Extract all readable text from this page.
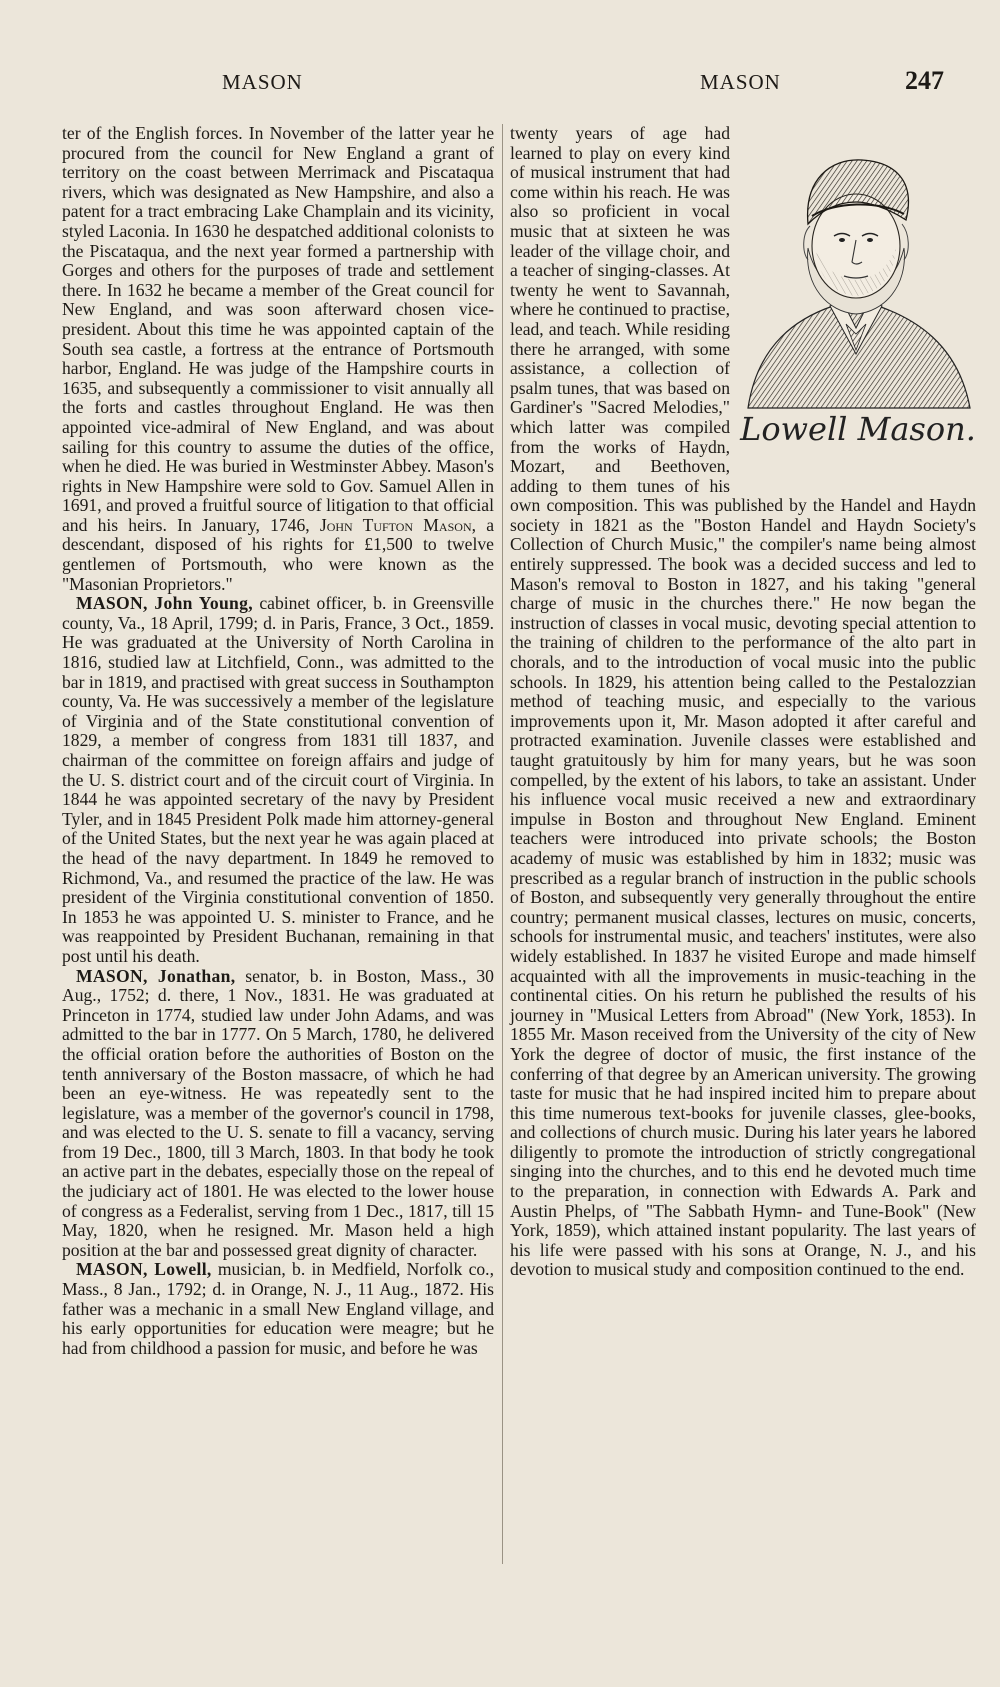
MASON	MASON	247

ter of the English forces. In November of the latter year he procured from the council for New England a grant of territory on the coast between Merrimack and Piscataqua rivers, which was designated as New Hampshire, and also a patent for a tract embracing Lake Champlain and its vicinity, styled Laconia. In 1630 he despatched additional colonists to the Piscataqua, and the next year formed a partnership with Gorges and others for the purposes of trade and settlement there. In 1632 he became a member of the Great council for New England, and was soon afterward chosen vice-president. About this time he was appointed captain of the South sea castle, a fortress at the entrance of Portsmouth harbor, England. He was judge of the Hampshire courts in 1635, and subsequently a commissioner to visit annually all the forts and castles throughout England. He was then appointed vice-admiral of New England, and was about sailing for this country to assume the duties of the office, when he died. He was buried in Westminster Abbey. Mason's rights in New Hampshire were sold to Gov. Samuel Allen in 1691, and proved a fruitful source of litigation to that official and his heirs. In January, 1746, John Tufton Mason, a descendant, disposed of his rights for £1,500 to twelve gentlemen of Portsmouth, who were known as the "Masonian Proprietors."

MASON, John Young, cabinet officer, b. in Greensville county, Va., 18 April, 1799; d. in Paris, France, 3 Oct., 1859. He was graduated at the University of North Carolina in 1816, studied law at Litchfield, Conn., was admitted to the bar in 1819, and practised with great success in Southampton county, Va. He was successively a member of the legislature of Virginia and of the State constitutional convention of 1829, a member of congress from 1831 till 1837, and chairman of the committee on foreign affairs and judge of the U. S. district court and of the circuit court of Virginia. In 1844 he was appointed secretary of the navy by President Tyler, and in 1845 President Polk made him attorney-general of the United States, but the next year he was again placed at the head of the navy department. In 1849 he removed to Richmond, Va., and resumed the practice of the law. He was president of the Virginia constitutional convention of 1850. In 1853 he was appointed U. S. minister to France, and he was reappointed by President Buchanan, remaining in that post until his death.

MASON, Jonathan, senator, b. in Boston, Mass., 30 Aug., 1752; d. there, 1 Nov., 1831. He was graduated at Princeton in 1774, studied law under John Adams, and was admitted to the bar in 1777. On 5 March, 1780, he delivered the official oration before the authorities of Boston on the tenth anniversary of the Boston massacre, of which he had been an eye-witness. He was repeatedly sent to the legislature, was a member of the governor's council in 1798, and was elected to the U. S. senate to fill a vacancy, serving from 19 Dec., 1800, till 3 March, 1803. In that body he took an active part in the debates, especially those on the repeal of the judiciary act of 1801. He was elected to the lower house of congress as a Federalist, serving from 1 Dec., 1817, till 15 May, 1820, when he resigned. Mr. Mason held a high position at the bar and possessed great dignity of character.

MASON, Lowell, musician, b. in Medfield, Norfolk co., Mass., 8 Jan., 1792; d. in Orange, N. J., 11 Aug., 1872. His father was a mechanic in a small New England village, and his early opportunities for education were meagre; but he had from childhood a passion for music, and before he was

Lowell Mason.

twenty years of age had learned to play on every kind of musical instrument that had come within his reach. He was also so proficient in vocal music that at sixteen he was leader of the village choir, and a teacher of singing-classes. At twenty he went to Savannah, where he continued to practise, lead, and teach. While residing there he arranged, with some assistance, a collection of psalm tunes, that was based on Gardiner's "Sacred Melodies," which latter was compiled from the works of Haydn, Mozart, and Beethoven, adding to them tunes of his own composition. This was published by the Handel and Haydn society in 1821 as the "Boston Handel and Haydn Society's Collection of Church Music," the compiler's name being almost entirely suppressed. The book was a decided success and led to Mason's removal to Boston in 1827, and his taking "general charge of music in the churches there." He now began the instruction of classes in vocal music, devoting special attention to the training of children to the performance of the alto part in chorals, and to the introduction of vocal music into the public schools. In 1829, his attention being called to the Pestalozzian method of teaching music, and especially to the various improvements upon it, Mr. Mason adopted it after careful and protracted examination. Juvenile classes were established and taught gratuitously by him for many years, but he was soon compelled, by the extent of his labors, to take an assistant. Under his influence vocal music received a new and extraordinary impulse in Boston and throughout New England. Eminent teachers were introduced into private schools; the Boston academy of music was established by him in 1832; music was prescribed as a regular branch of instruction in the public schools of Boston, and subsequently very generally throughout the entire country; permanent musical classes, lectures on music, concerts, schools for instrumental music, and teachers' institutes, were also widely established. In 1837 he visited Europe and made himself acquainted with all the improvements in music-teaching in the continental cities. On his return he published the results of his journey in "Musical Letters from Abroad" (New York, 1853). In 1855 Mr. Mason received from the University of the city of New York the degree of doctor of music, the first instance of the conferring of that degree by an American university. The growing taste for music that he had inspired incited him to prepare about this time numerous text-books for juvenile classes, glee-books, and collections of church music. During his later years he labored diligently to promote the introduction of strictly congregational singing into the churches, and to this end he devoted much time to the preparation, in connection with Edwards A. Park and Austin Phelps, of "The Sabbath Hymn- and Tune-Book" (New York, 1859), which attained instant popularity. The last years of his life were passed with his sons at Orange, N. J., and his devotion to musical study and composition continued to the end.
